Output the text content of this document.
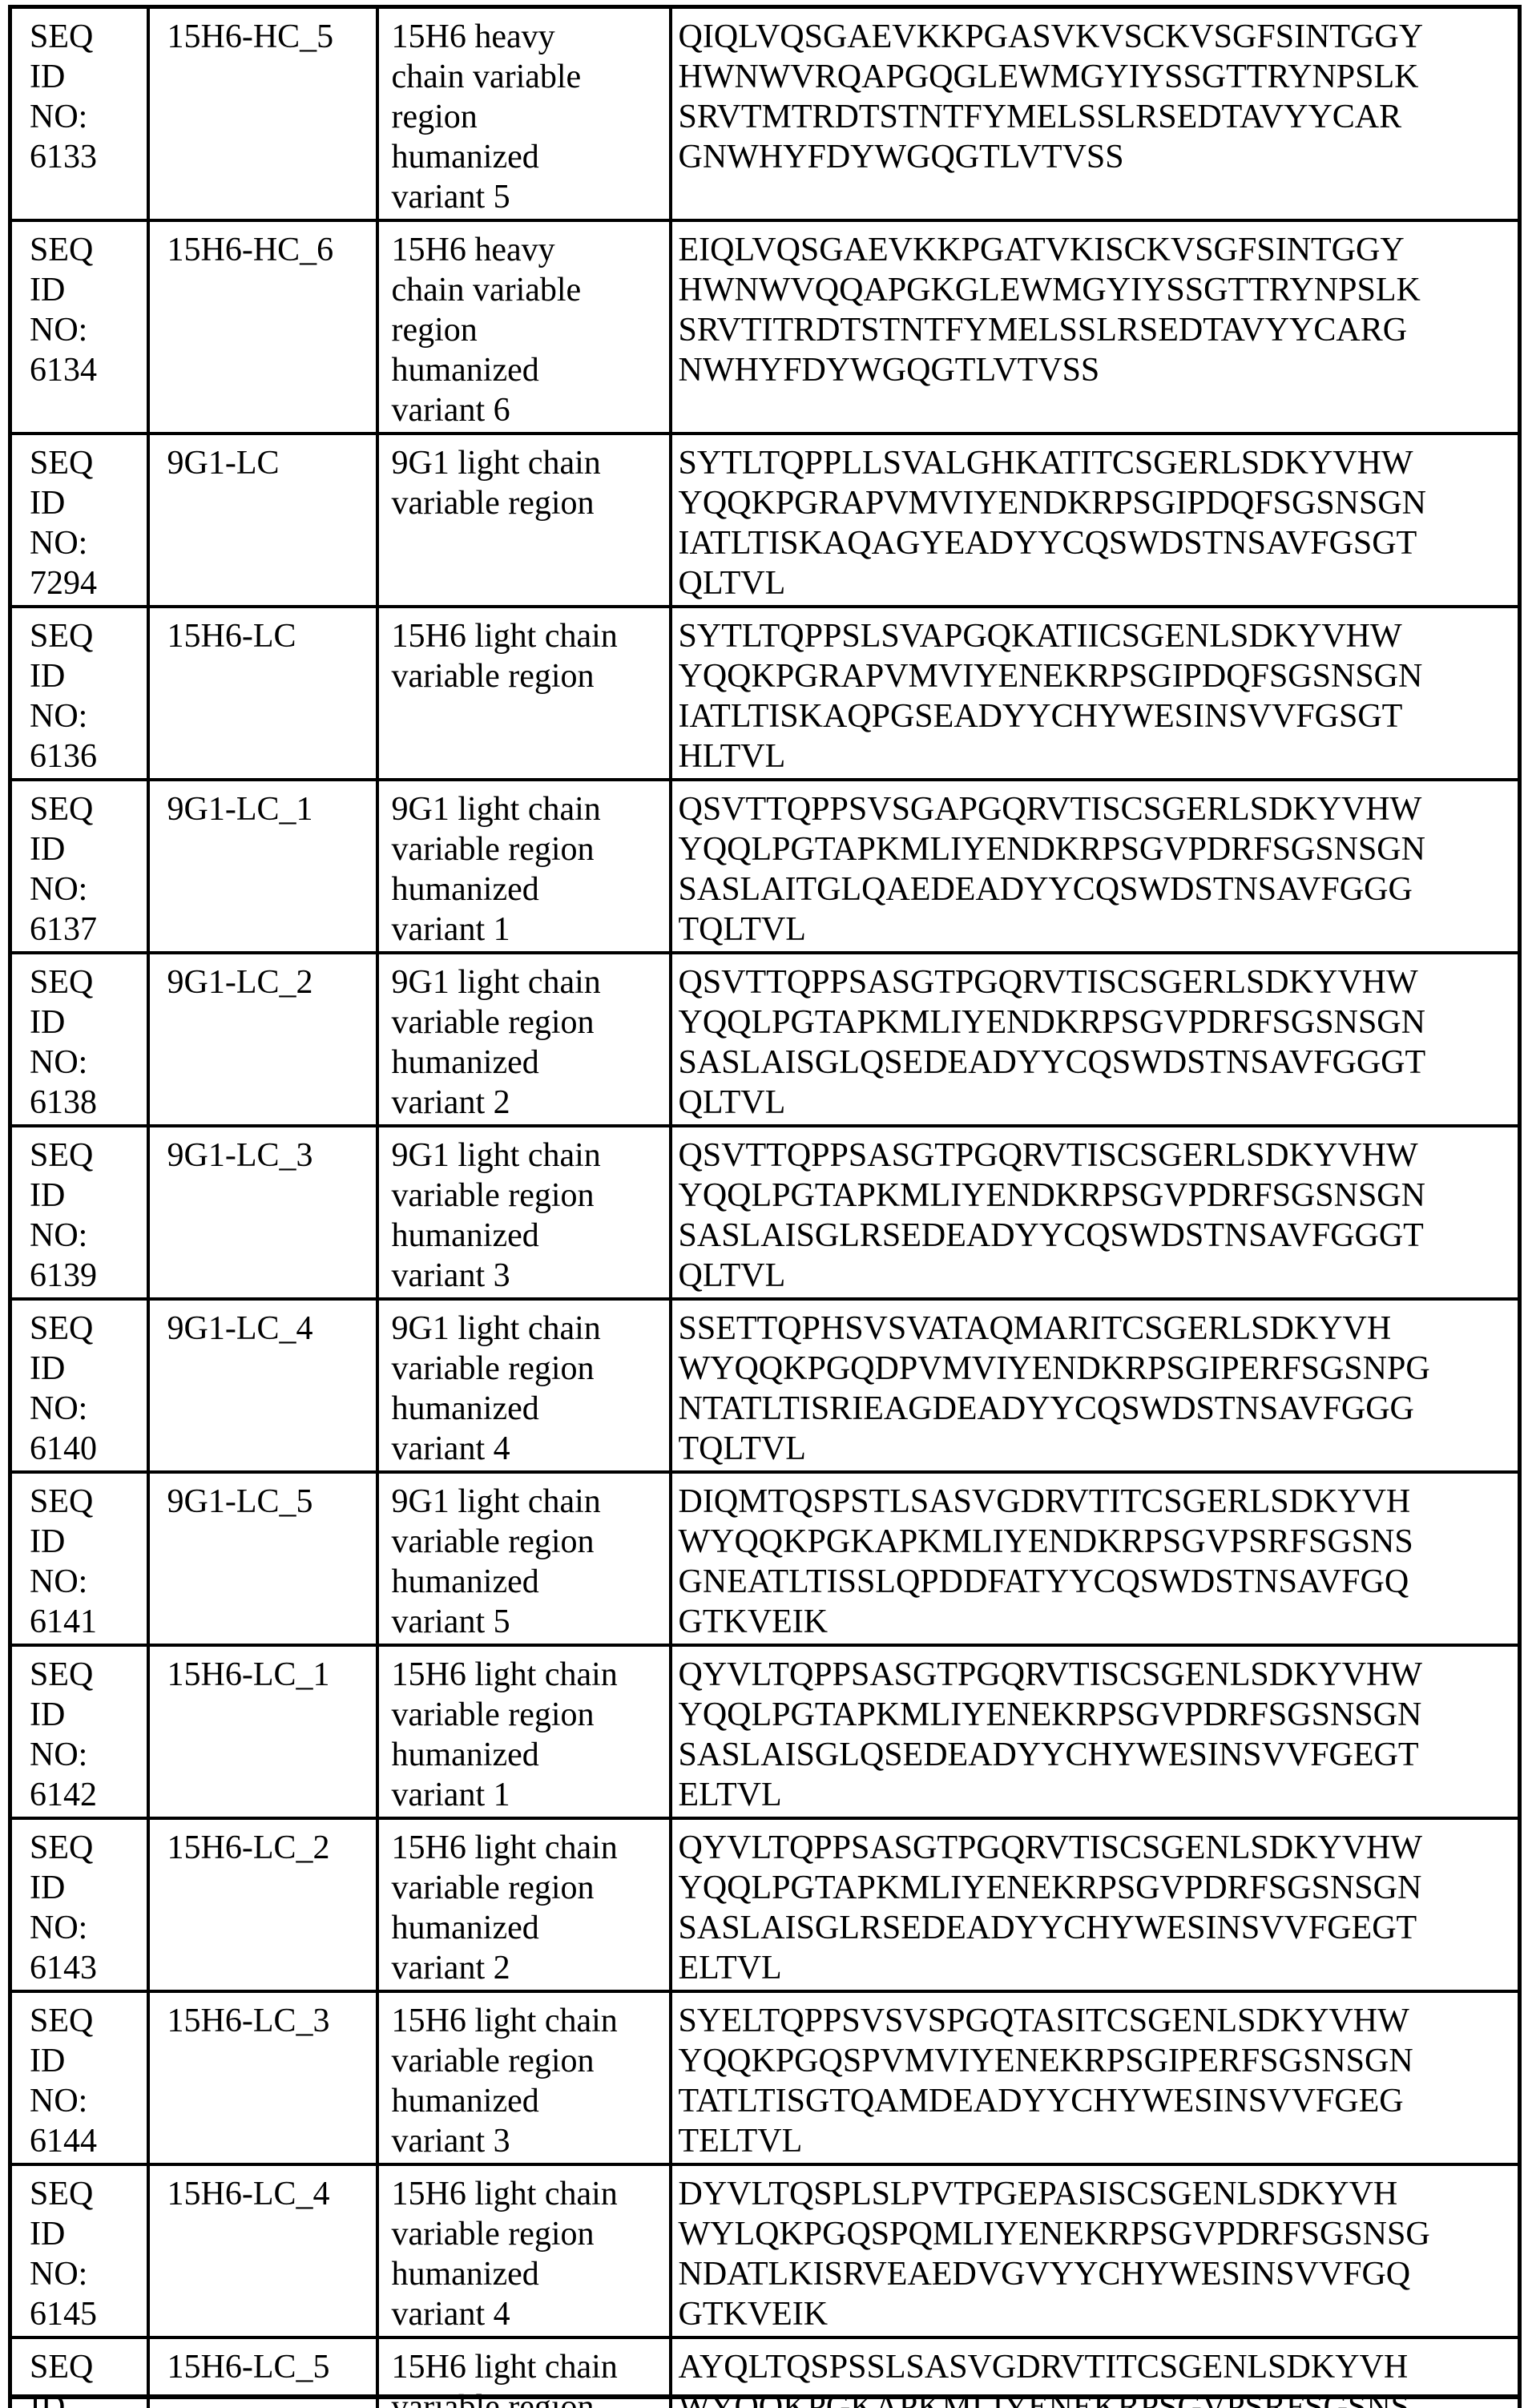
SEQ
ID
NO:
6133	15H6-HC_5	15H6 heavy
chain variable
region
humanized
variant 5	QIQLVQSGAEVKKPGASVKVSCKVSGFSINTGGY
HWNWVRQAPGQGLEWMGYIYSSGTTRYNPSLK
SRVTMTRDTSTNTFYMELSSLRSEDTAVYYCAR
GNWHYFDYWGQGTLVTVSS
SEQ
ID
NO:
6134	15H6-HC_6	15H6 heavy
chain variable
region
humanized
variant 6	EIQLVQSGAEVKKPGATVKISCKVSGFSINTGGY
HWNWVQQAPGKGLEWMGYIYSSGTTRYNPSLK
SRVTITRDTSTNTFYMELSSLRSEDTAVYYCARG
NWHYFDYWGQGTLVTVSS
SEQ
ID
NO:
7294	9G1-LC	9G1 light chain
variable region	SYTLTQPPLLSVALGHKATITCSGERLSDKYVHW
YQQKPGRAPVMVIYENDKRPSGIPDQFSGSNSGN
IATLTISKAQAGYEADYYCQSWDSTNSAVFGSGT
QLTVL
SEQ
ID
NO:
6136	15H6-LC	15H6 light chain
variable region	SYTLTQPPSLSVAPGQKATIICSGENLSDKYVHW
YQQKPGRAPVMVIYENEKRPSGIPDQFSGSNSGN
IATLTISKAQPGSEADYYCHYWESINSVVFGSGT
HLTVL
SEQ
ID
NO:
6137	9G1-LC_1	9G1 light chain
variable region
humanized
variant 1	QSVTTQPPSVSGAPGQRVTISCSGERLSDKYVHW
YQQLPGTAPKMLIYENDKRPSGVPDRFSGSNSGN
SASLAITGLQAEDEADYYCQSWDSTNSAVFGGG
TQLTVL
SEQ
ID
NO:
6138	9G1-LC_2	9G1 light chain
variable region
humanized
variant 2	QSVTTQPPSASGTPGQRVTISCSGERLSDKYVHW
YQQLPGTAPKMLIYENDKRPSGVPDRFSGSNSGN
SASLAISGLQSEDEADYYCQSWDSTNSAVFGGGT
QLTVL
SEQ
ID
NO:
6139	9G1-LC_3	9G1 light chain
variable region
humanized
variant 3	QSVTTQPPSASGTPGQRVTISCSGERLSDKYVHW
YQQLPGTAPKMLIYENDKRPSGVPDRFSGSNSGN
SASLAISGLRSEDEADYYCQSWDSTNSAVFGGGT
QLTVL
SEQ
ID
NO:
6140	9G1-LC_4	9G1 light chain
variable region
humanized
variant 4	SSETTQPHSVSVATAQMARITCSGERLSDKYVH
WYQQKPGQDPVMVIYENDKRPSGIPERFSGSNPG
NTATLTISRIEAGDEADYYCQSWDSTNSAVFGGG
TQLTVL
SEQ
ID
NO:
6141	9G1-LC_5	9G1 light chain
variable region
humanized
variant 5	DIQMTQSPSTLSASVGDRVTITCSGERLSDKYVH
WYQQKPGKAPKMLIYENDKRPSGVPSRFSGSNS
GNEATLTISSLQPDDFATYYCQSWDSTNSAVFGQ
GTKVEIK
SEQ
ID
NO:
6142	15H6-LC_1	15H6 light chain
variable region
humanized
variant 1	QYVLTQPPSASGTPGQRVTISCSGENLSDKYVHW
YQQLPGTAPKMLIYENEKRPSGVPDRFSGSNSGN
SASLAISGLQSEDEADYYCHYWESINSVVFGEGT
ELTVL
SEQ
ID
NO:
6143	15H6-LC_2	15H6 light chain
variable region
humanized
variant 2	QYVLTQPPSASGTPGQRVTISCSGENLSDKYVHW
YQQLPGTAPKMLIYENEKRPSGVPDRFSGSNSGN
SASLAISGLRSEDEADYYCHYWESINSVVFGEGT
ELTVL
SEQ
ID
NO:
6144	15H6-LC_3	15H6 light chain
variable region
humanized
variant 3	SYELTQPPSVSVSPGQTASITCSGENLSDKYVHW
YQQKPGQSPVMVIYENEKRPSGIPERFSGSNSGN
TATLTISGTQAMDEADYYCHYWESINSVVFGEG
TELTVL
SEQ
ID
NO:
6145	15H6-LC_4	15H6 light chain
variable region
humanized
variant 4	DYVLTQSPLSLPVTPGEPASISCSGENLSDKYVH
WYLQKPGQSPQMLIYENEKRPSGVPDRFSGSNSG
NDATLKISRVEAEDVGVYYCHYWESINSVVFGQ
GTKVEIK
SEQ	15H6-LC_5	15H6 light chain	AYQLTQSPSSLSASVGDRVTITCSGENLSDKYVH
